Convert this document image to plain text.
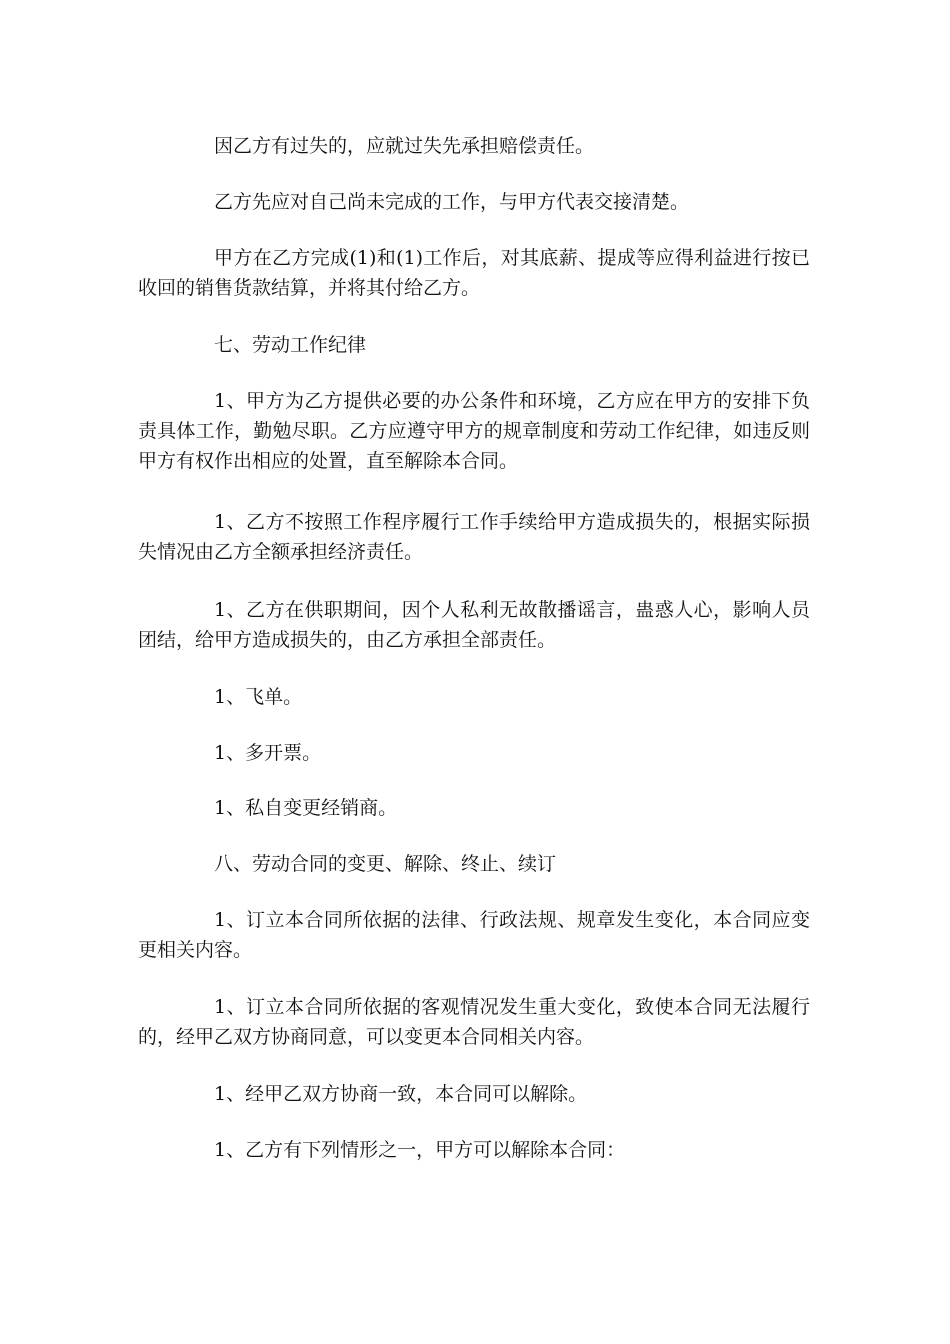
因乙方有过失的，应就过失先承担赔偿责任。

乙方先应对自己尚未完成的工作，与甲方代表交接清楚。

甲方在乙方完成(1)和(1)工作后，对其底薪、提成等应得利益进行按已收回的销售货款结算，并将其付给乙方。

七、劳动工作纪律

1、甲方为乙方提供必要的办公条件和环境，乙方应在甲方的安排下负责具体工作，勤勉尽职。乙方应遵守甲方的规章制度和劳动工作纪律，如违反则甲方有权作出相应的处置，直至解除本合同。

1、乙方不按照工作程序履行工作手续给甲方造成损失的，根据实际损失情况由乙方全额承担经济责任。

1、乙方在供职期间，因个人私利无故散播谣言，蛊惑人心，影响人员团结，给甲方造成损失的，由乙方承担全部责任。

1、飞单。

1、多开票。

1、私自变更经销商。

八、劳动合同的变更、解除、终止、续订

1、订立本合同所依据的法律、行政法规、规章发生变化，本合同应变更相关内容。

1、订立本合同所依据的客观情况发生重大变化，致使本合同无法履行的，经甲乙双方协商同意，可以变更本合同相关内容。

1、经甲乙双方协商一致，本合同可以解除。

1、乙方有下列情形之一，甲方可以解除本合同：
